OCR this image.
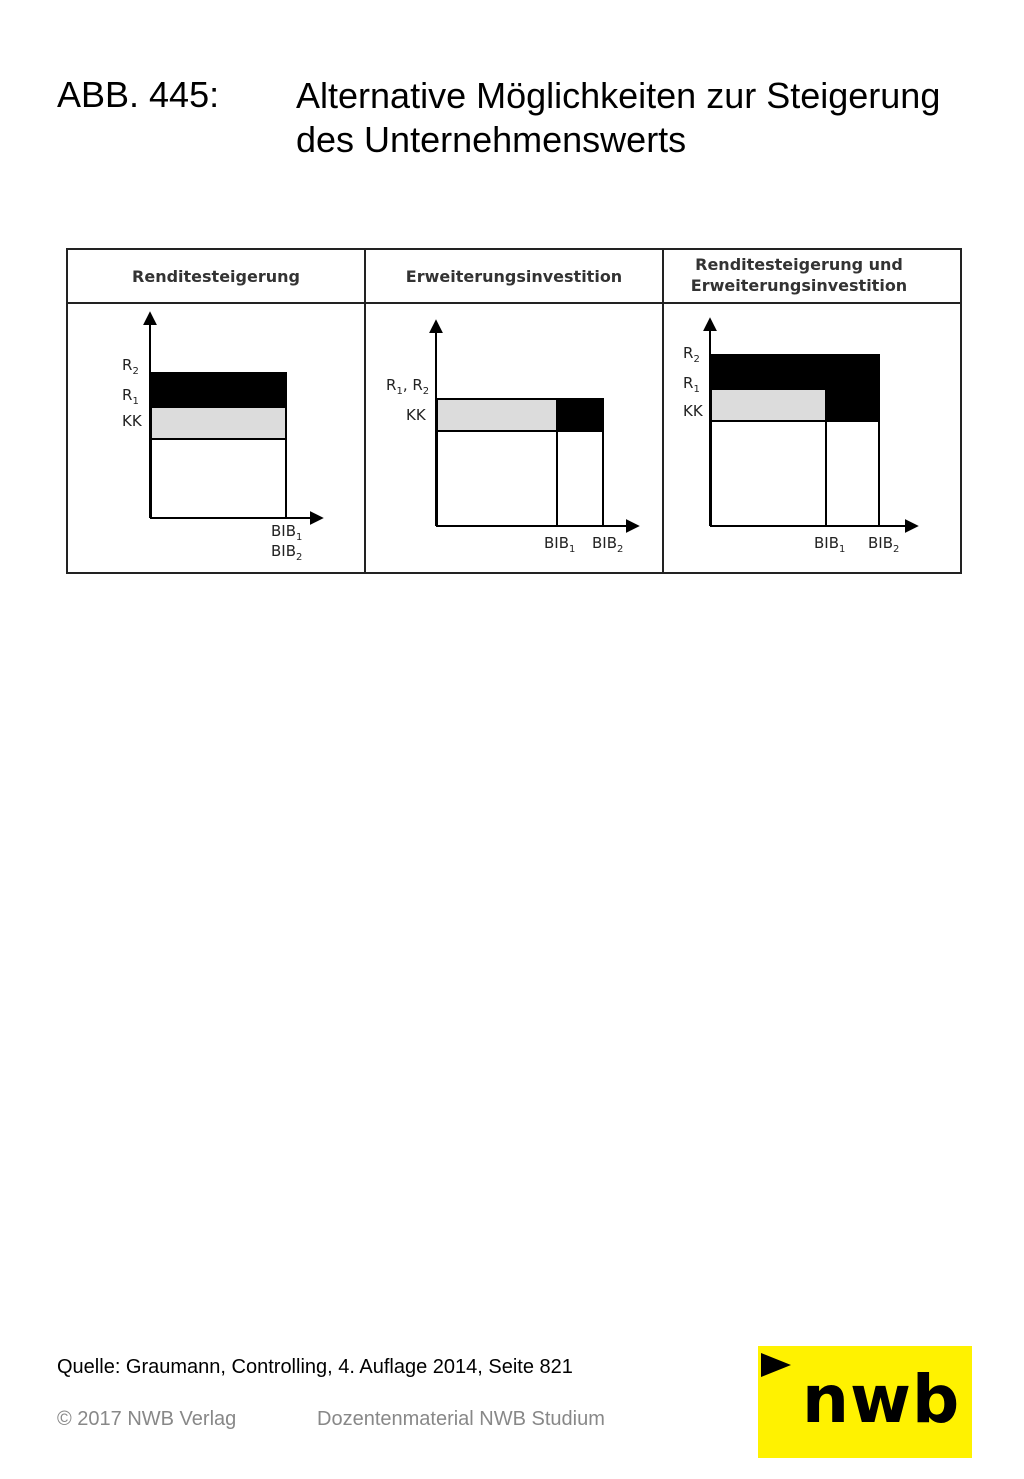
ABB. 445: Alternative Möglichkeiten zur Steigerung
des Unternehmenswerts
Renditesteigerung	Erweiterungsinvestition
Renditesteigerung und
Erweiterungsinvestition
$R_2$
$R_1$
KK
$BIB_1$
$BIB_2$
$R_1$, $R_2$
KK
$BIB_1$ $BIB_2$
$R_2$
$R_1$
KK
$BIB_1$ $BIB_2$
Quelle: Graumann, Controlling, 4. Auflage 2014, Seite 821
© 2017 NWB Verlag	Dozentenmaterial NWB Studium	nwb
